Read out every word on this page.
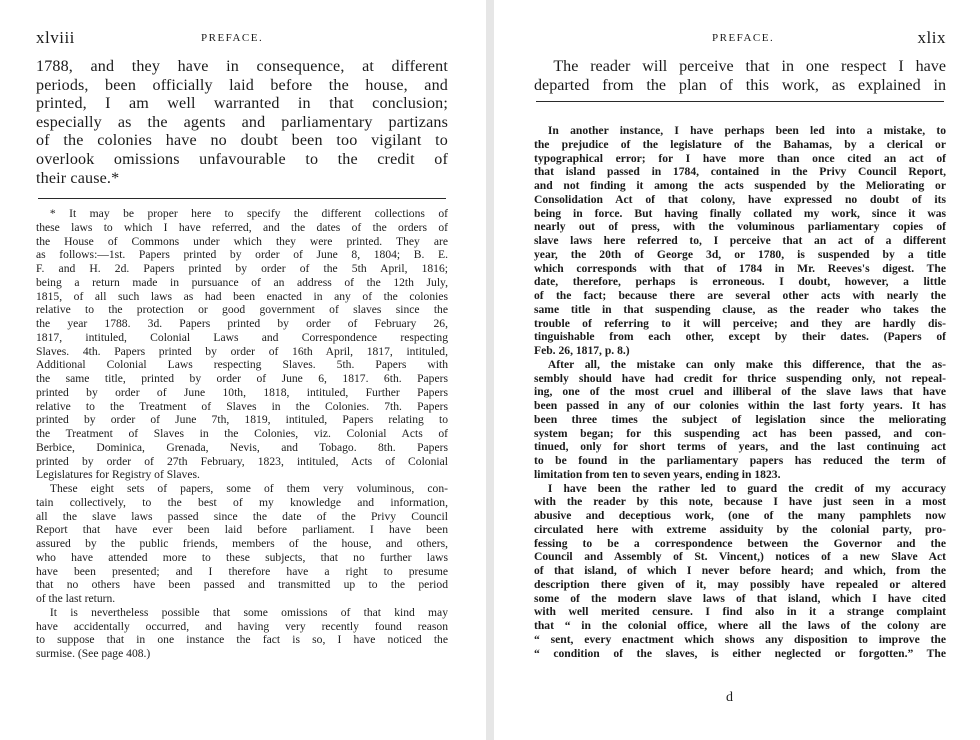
xlviii	PREFACE.
1788, and they have in consequence, at different
periods, been officially laid before the house, and
printed, I am well warranted in that conclusion;
especially as the agents and parliamentary partizans
of the colonies have no doubt been too vigilant to
overlook omissions unfavourable to the credit of
their cause.*
* It may be proper here to specify the different collections of
these laws to which I have referred, and the dates of the orders of
the House of Commons under which they were printed. They are
as follows:—1st. Papers printed by order of June 8, 1804; B. E.
F. and H. 2d. Papers printed by order of the 5th April, 1816;
being a return made in pursuance of an address of the 12th July,
1815, of all such laws as had been enacted in any of the colonies
relative to the protection or good government of slaves since the
the year 1788. 3d. Papers printed by order of February 26,
1817, intituled, Colonial Laws and Correspondence respecting
Slaves. 4th. Papers printed by order of 16th April, 1817, intituled,
Additional Colonial Laws respecting Slaves. 5th. Papers with
the same title, printed by order of June 6, 1817. 6th. Papers
printed by order of June 10th, 1818, intituled, Further Papers
relative to the Treatment of Slaves in the Colonies. 7th. Papers
printed by order of June 7th, 1819, intituled, Papers relating to
the Treatment of Slaves in the Colonies, viz. Colonial Acts of
Berbice, Dominica, Grenada, Nevis, and Tobago. 8th. Papers
printed by order of 27th February, 1823, intituled, Acts of Colonial
Legislatures for Registry of Slaves.
These eight sets of papers, some of them very voluminous, con-
tain collectively, to the best of my knowledge and information,
all the slave laws passed since the date of the Privy Council
Report that have ever been laid before parliament. I have been
assured by the public friends, members of the house, and others,
who have attended more to these subjects, that no further laws
have been presented; and I therefore have a right to presume
that no others have been passed and transmitted up to the period
of the last return.
It is nevertheless possible that some omissions of that kind may
have accidentally occurred, and having very recently found reason
to suppose that in one instance the fact is so, I have noticed the
surmise. (See page 408.)
PREFACE.	xlix
The reader will perceive that in one respect I have
departed from the plan of this work, as explained in
In another instance, I have perhaps been led into a mistake, to
the prejudice of the legislature of the Bahamas, by a clerical or
typographical error; for I have more than once cited an act of
that island passed in 1784, contained in the Privy Council Report,
and not finding it among the acts suspended by the Meliorating or
Consolidation Act of that colony, have expressed no doubt of its
being in force. But having finally collated my work, since it was
nearly out of press, with the voluminous parliamentary copies of
slave laws here referred to, I perceive that an act of a different
year, the 20th of George 3d, or 1780, is suspended by a title
which corresponds with that of 1784 in Mr. Reeves's digest. The
date, therefore, perhaps is erroneous. I doubt, however, a little
of the fact; because there are several other acts with nearly the
same title in that suspending clause, as the reader who takes the
trouble of referring to it will perceive; and they are hardly dis-
tinguishable from each other, except by their dates. (Papers of
Feb. 26, 1817, p. 8.)
After all, the mistake can only make this difference, that the as-
sembly should have had credit for thrice suspending only, not repeal-
ing, one of the most cruel and illiberal of the slave laws that have
been passed in any of our colonies within the last forty years. It has
been three times the subject of legislation since the meliorating
system began; for this suspending act has been passed, and con-
tinued, only for short terms of years, and the last continuing act
to be found in the parliamentary papers has reduced the term of
limitation from ten to seven years, ending in 1823.
I have been the rather led to guard the credit of my accuracy
with the reader by this note, because I have just seen in a most
abusive and deceptious work, (one of the many pamphlets now
circulated here with extreme assiduity by the colonial party, pro-
fessing to be a correspondence between the Governor and the
Council and Assembly of St. Vincent,) notices of a new Slave Act
of that island, of which I never before heard; and which, from the
description there given of it, may possibly have repealed or altered
some of the modern slave laws of that island, which I have cited
with well merited censure. I find also in it a strange complaint
that “ in the colonial office, where all the laws of the colony are
“ sent, every enactment which shows any disposition to improve the
“ condition of the slaves, is either neglected or forgotten.” The
d
